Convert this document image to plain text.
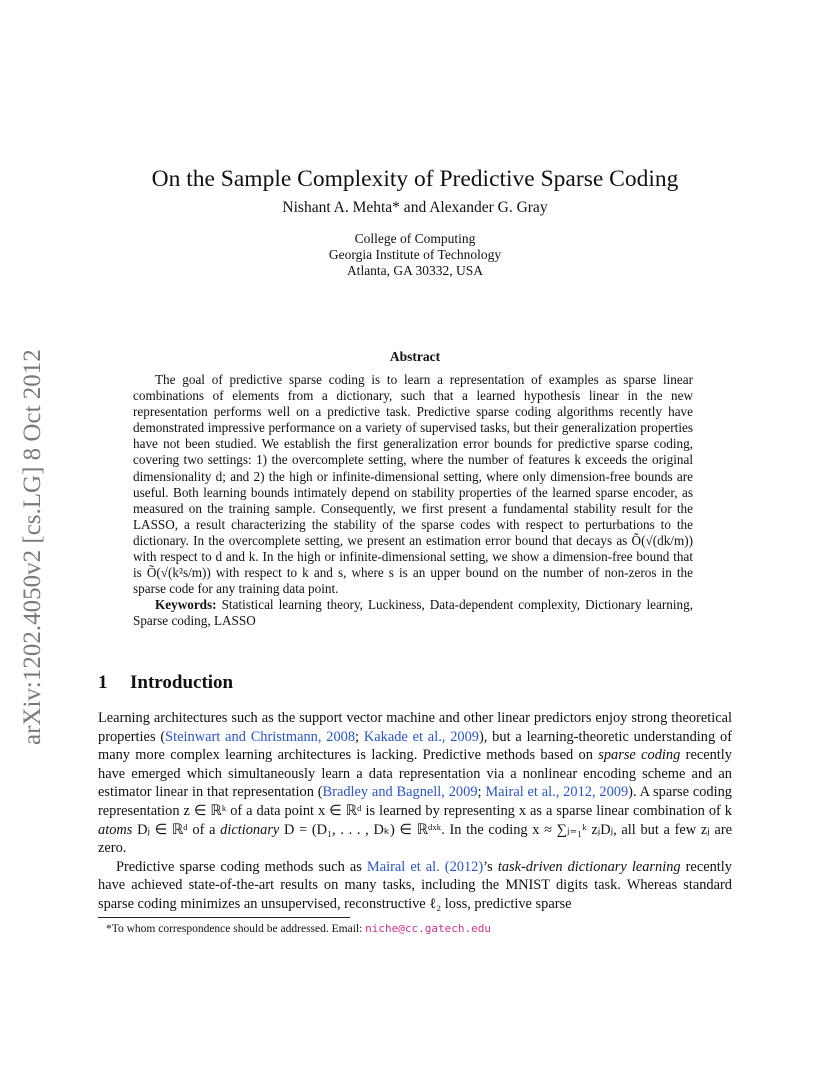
arXiv:1202.4050v2 [cs.LG] 8 Oct 2012
On the Sample Complexity of Predictive Sparse Coding
Nishant A. Mehta* and Alexander G. Gray
College of Computing
Georgia Institute of Technology
Atlanta, GA 30332, USA
Abstract

The goal of predictive sparse coding is to learn a representation of examples as sparse linear combinations of elements from a dictionary, such that a learned hypothesis linear in the new representation performs well on a predictive task. Predictive sparse coding algorithms recently have demonstrated impressive performance on a variety of supervised tasks, but their generalization properties have not been studied. We establish the first generalization error bounds for predictive sparse coding, covering two settings: 1) the overcomplete setting, where the number of features k exceeds the original dimensionality d; and 2) the high or infinite-dimensional setting, where only dimension-free bounds are useful. Both learning bounds intimately depend on stability properties of the learned sparse encoder, as measured on the training sample. Consequently, we first present a fundamental stability result for the LASSO, a result characterizing the stability of the sparse codes with respect to perturbations to the dictionary. In the overcomplete setting, we present an estimation error bound that decays as Õ(√(dk/m)) with respect to d and k. In the high or infinite-dimensional setting, we show a dimension-free bound that is Õ(√(k²s/m)) with respect to k and s, where s is an upper bound on the number of non-zeros in the sparse code for any training data point.

Keywords: Statistical learning theory, Luckiness, Data-dependent complexity, Dictionary learning, Sparse coding, LASSO

1 Introduction

Learning architectures such as the support vector machine and other linear predictors enjoy strong theoretical properties (Steinwart and Christmann, 2008; Kakade et al., 2009), but a learning-theoretic understanding of many more complex learning architectures is lacking. Predictive methods based on sparse coding recently have emerged which simultaneously learn a data representation via a nonlinear encoding scheme and an estimator linear in that representation (Bradley and Bagnell, 2009; Mairal et al., 2012, 2009). A sparse coding representation z ∈ ℝᵏ of a data point x ∈ ℝᵈ is learned by representing x as a sparse linear combination of k atoms Dⱼ ∈ ℝᵈ of a dictionary D = (D₁, . . . , Dₖ) ∈ ℝᵈˣᵏ. In the coding x ≈ ∑ⱼ₌₁ᵏ zⱼDⱼ, all but a few zⱼ are zero.

Predictive sparse coding methods such as Mairal et al. (2012)’s task-driven dictionary learning recently have achieved state-of-the-art results on many tasks, including the MNIST digits task. Whereas standard sparse coding minimizes an unsupervised, reconstructive ℓ₂ loss, predictive sparse

*To whom correspondence should be addressed. Email: niche@cc.gatech.edu
